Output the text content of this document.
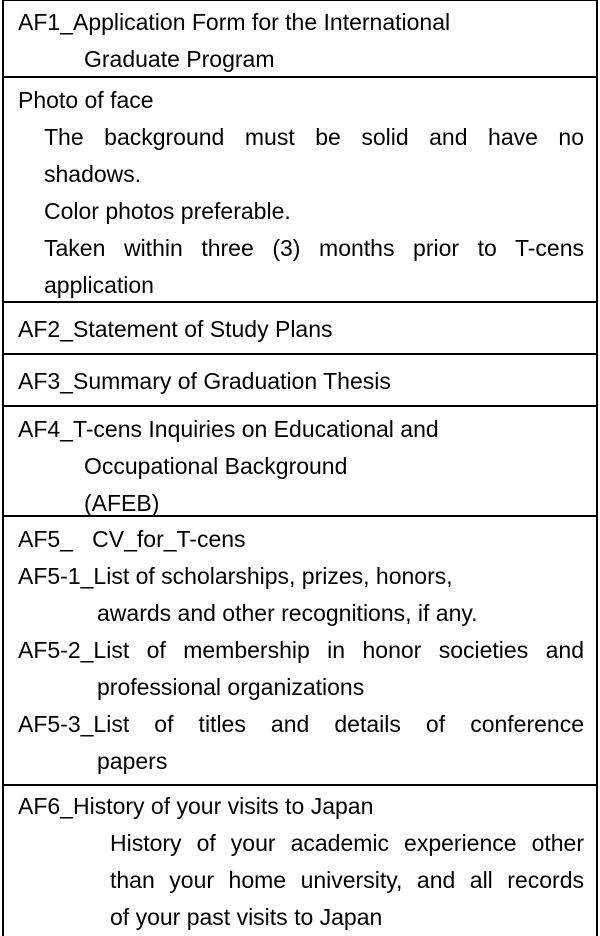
AF1_Application Form for the International
Graduate Program
Photo of face
The background must be solid and have no
shadows.
Color photos preferable.
Taken within three (3) months prior to T-cens
application
AF2_Statement of Study Plans
AF3_Summary of Graduation Thesis
AF4_T-cens Inquiries on Educational and
Occupational Background
(AFEB)
AF5_   CV_for_T-cens
AF5-1_List of scholarships, prizes, honors,
awards and other recognitions, if any.
AF5-2_List of membership in honor societies and
professional organizations
AF5-3_List of titles and details of conference
papers
AF6_History of your visits to Japan
History of your academic experience other
than your home university, and all records
of your past visits to Japan
